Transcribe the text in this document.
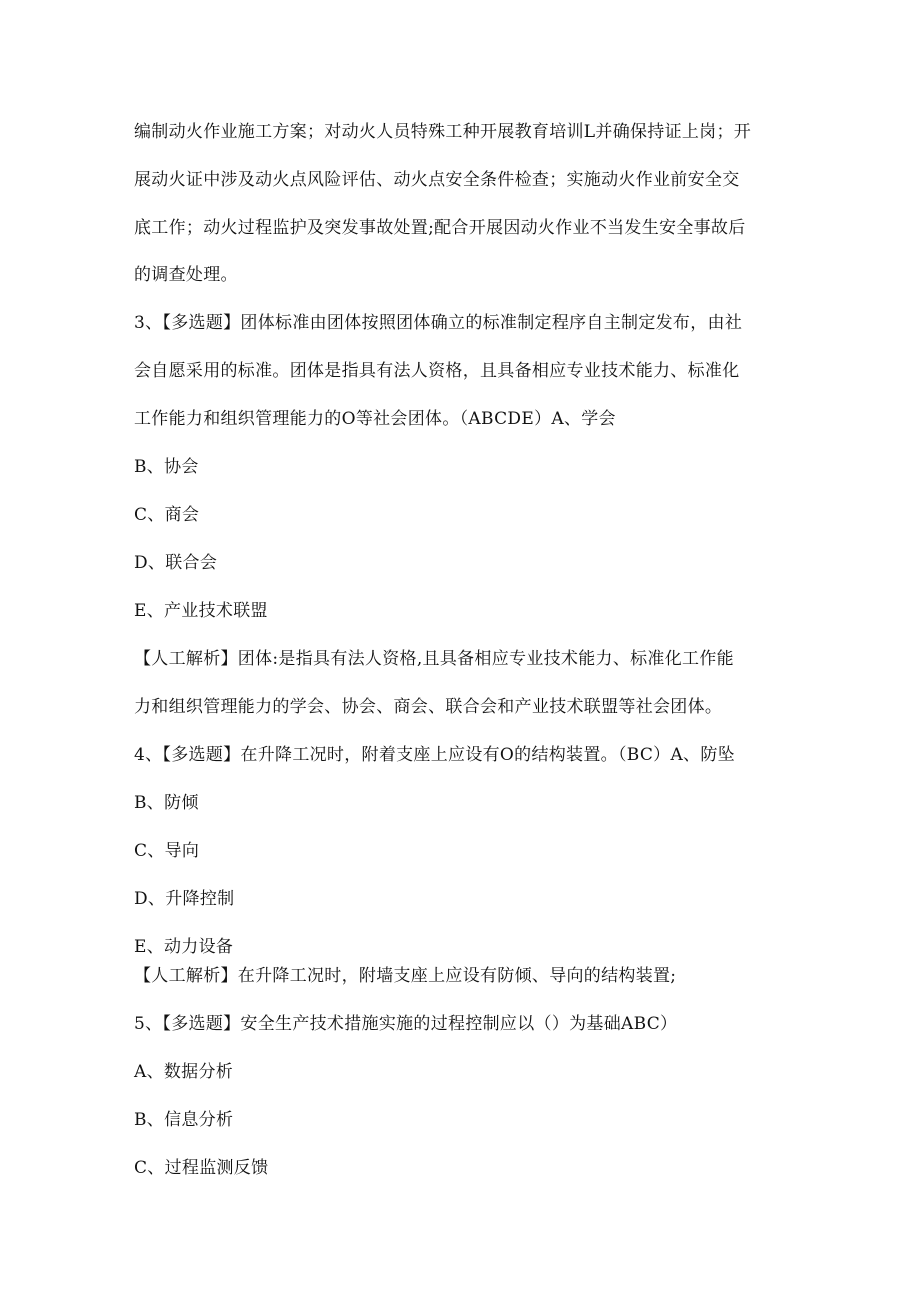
编制动火作业施工方案；对动火人员特殊工种开展教育培训L并确保持证上岗；开
展动火证中涉及动火点风险评估、动火点安全条件检查；实施动火作业前安全交
底工作；动火过程监护及突发事故处置;配合开展因动火作业不当发生安全事故后
的调查处理。
3、【多选题】团体标准由团体按照团体确立的标准制定程序自主制定发布，由社
会自愿采用的标准。团体是指具有法人资格，且具备相应专业技术能力、标准化
工作能力和组织管理能力的O等社会团体。（ABCDE）A、学会
B、协会
C、商会
D、联合会
E、产业技术联盟
【人工解析】团体:是指具有法人资格,且具备相应专业技术能力、标准化工作能
力和组织管理能力的学会、协会、商会、联合会和产业技术联盟等社会团体。
4、【多选题】在升降工况时，附着支座上应设有O的结构装置。（BC）A、防坠
B、防倾
C、导向
D、升降控制
E、动力设备
【人工解析】在升降工况时，附墙支座上应设有防倾、导向的结构装置;
5、【多选题】安全生产技术措施实施的过程控制应以（）为基础ABC）
A、数据分析
B、信息分析
C、过程监测反馈
